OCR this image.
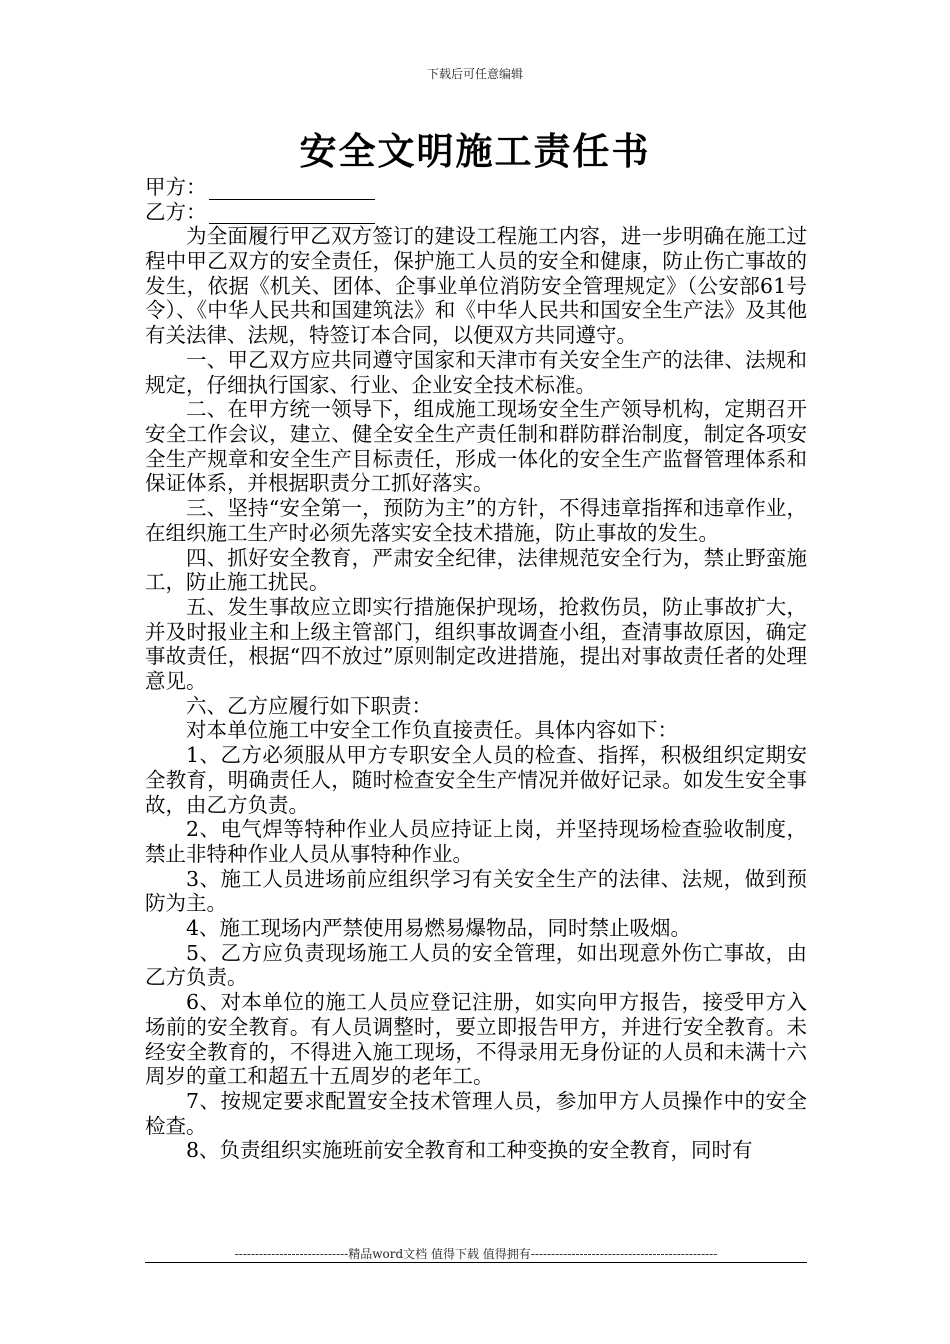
下载后可任意编辑
安全文明施工责任书
甲方：
乙方：

为全面履行甲乙双方签订的建设工程施工内容，进一步明确在施工过程中甲乙双方的安全责任，保护施工人员的安全和健康，防止伤亡事故的发生，依据《机关、团体、企事业单位消防安全管理规定》（公安部61号令）、《中华人民共和国建筑法》和《中华人民共和国安全生产法》及其他有关法律、法规，特签订本合同，以便双方共同遵守。

一、甲乙双方应共同遵守国家和天津市有关安全生产的法律、法规和规定，仔细执行国家、行业、企业安全技术标准。

二、在甲方统一领导下，组成施工现场安全生产领导机构，定期召开安全工作会议，建立、健全安全生产责任制和群防群治制度，制定各项安全生产规章和安全生产目标责任，形成一体化的安全生产监督管理体系和保证体系，并根据职责分工抓好落实。

三、坚持“安全第一，预防为主”的方针，不得违章指挥和违章作业，在组织施工生产时必须先落实安全技术措施，防止事故的发生。

四、抓好安全教育，严肃安全纪律，法律规范安全行为，禁止野蛮施工，防止施工扰民。

五、发生事故应立即实行措施保护现场，抢救伤员，防止事故扩大，并及时报业主和上级主管部门，组织事故调查小组，查清事故原因，确定事故责任，根据“四不放过”原则制定改进措施，提出对事故责任者的处理意见。

六、乙方应履行如下职责：

对本单位施工中安全工作负直接责任。具体内容如下：

1、乙方必须服从甲方专职安全人员的检查、指挥，积极组织定期安全教育，明确责任人，随时检查安全生产情况并做好记录。如发生安全事故，由乙方负责。

2、电气焊等特种作业人员应持证上岗，并坚持现场检查验收制度，禁止非特种作业人员从事特种作业。

3、施工人员进场前应组织学习有关安全生产的法律、法规，做到预防为主。

4、施工现场内严禁使用易燃易爆物品，同时禁止吸烟。

5、乙方应负责现场施工人员的安全管理，如出现意外伤亡事故，由乙方负责。

6、对本单位的施工人员应登记注册，如实向甲方报告，接受甲方入场前的安全教育。有人员调整时，要立即报告甲方，并进行安全教育。未经安全教育的，不得进入施工现场，不得录用无身份证的人员和未满十六周岁的童工和超五十五周岁的老年工。

7、按规定要求配置安全技术管理人员，参加甲方人员操作中的安全检查。

8、负责组织实施班前安全教育和工种变换的安全教育，同时有

----------------------------精品word文档 值得下载 值得拥有----------------------------------------------
